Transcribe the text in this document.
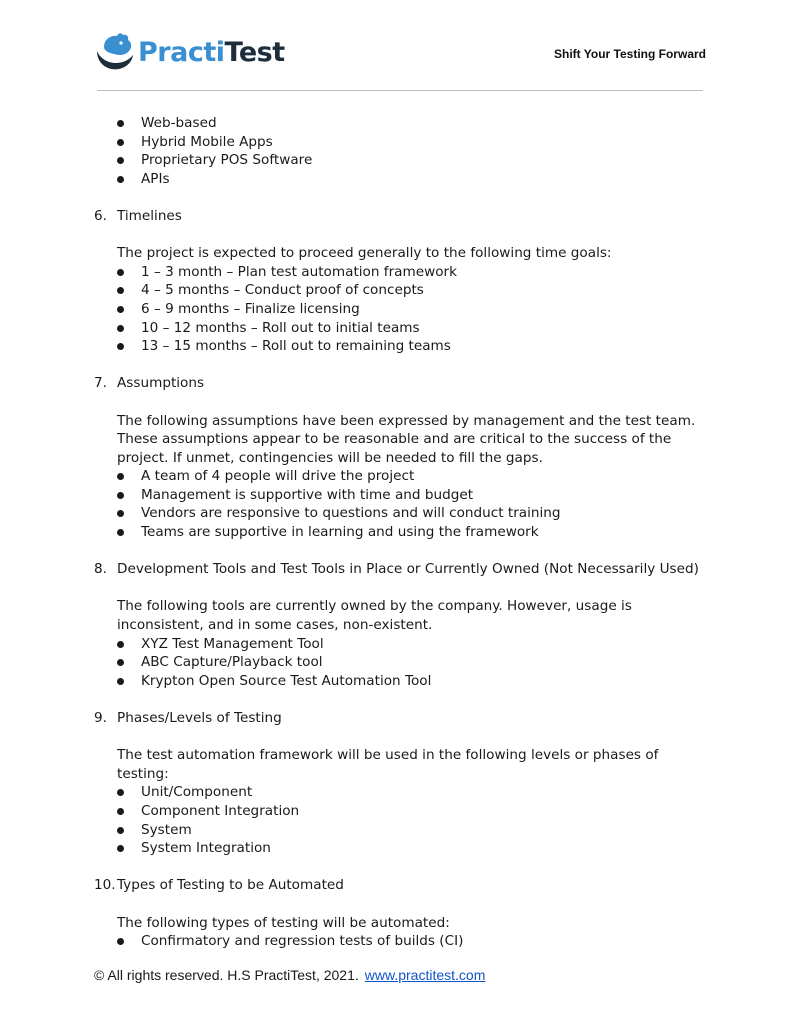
PractiTest	Shift Your Testing Forward
Web-based
Hybrid Mobile Apps
Proprietary POS Software
APIs
6. Timelines
The project is expected to proceed generally to the following time goals:
1 – 3 month – Plan test automation framework
4 – 5 months – Conduct proof of concepts
6 – 9 months – Finalize licensing
10 – 12 months – Roll out to initial teams
13 – 15 months – Roll out to remaining teams
7. Assumptions
The following assumptions have been expressed by management and the test team. These assumptions appear to be reasonable and are critical to the success of the project. If unmet, contingencies will be needed to fill the gaps.
A team of 4 people will drive the project
Management is supportive with time and budget
Vendors are responsive to questions and will conduct training
Teams are supportive in learning and using the framework
8. Development Tools and Test Tools in Place or Currently Owned (Not Necessarily Used)
The following tools are currently owned by the company. However, usage is inconsistent, and in some cases, non-existent.
XYZ Test Management Tool
ABC Capture/Playback tool
Krypton Open Source Test Automation Tool
9. Phases/Levels of Testing
The test automation framework will be used in the following levels or phases of testing:
Unit/Component
Component Integration
System
System Integration
10. Types of Testing to be Automated
The following types of testing will be automated:
Confirmatory and regression tests of builds (CI)
© All rights reserved. H.S PractiTest, 2021. www.practitest.com
